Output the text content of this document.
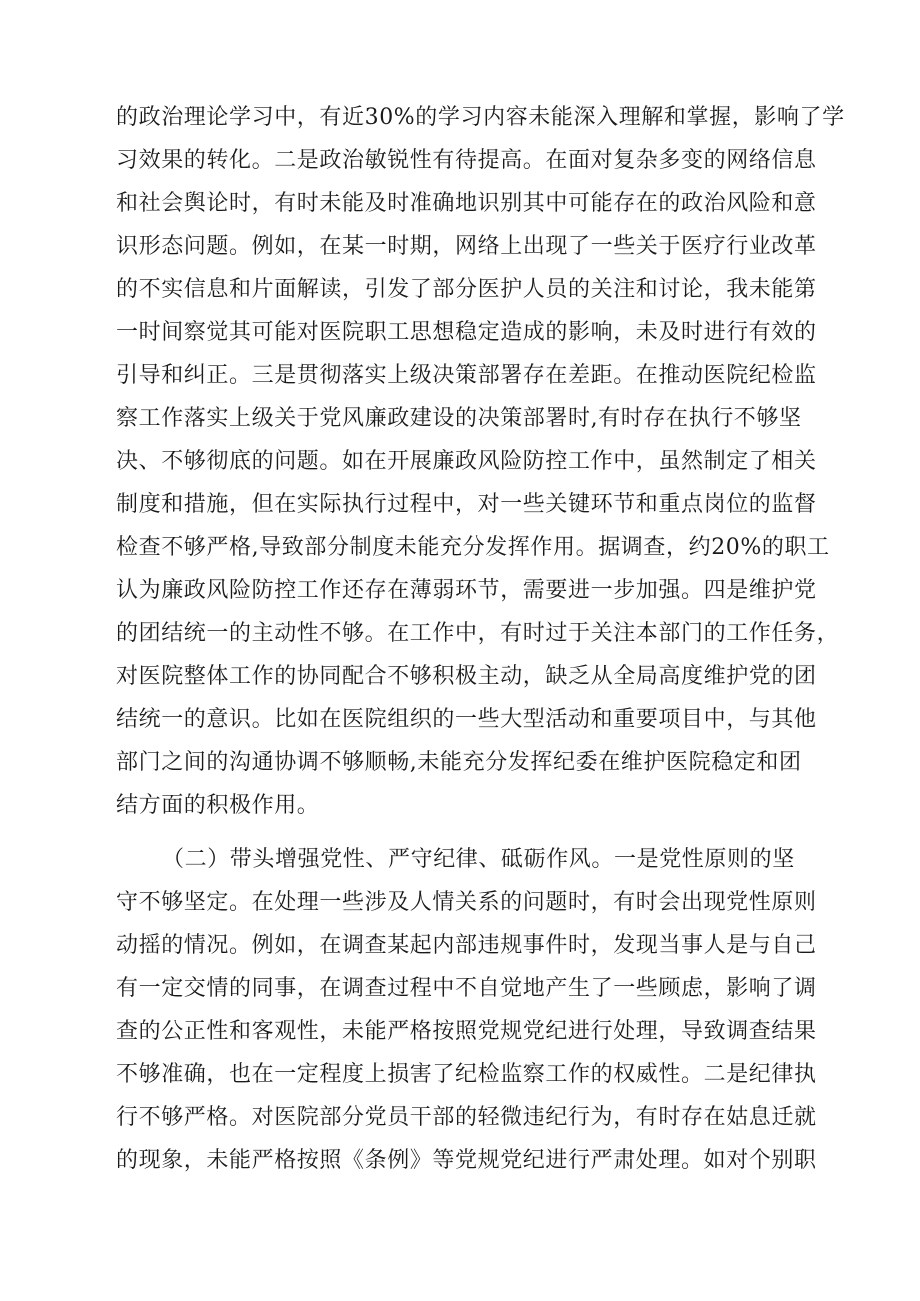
的政治理论学习中，有近30%的学习内容未能深入理解和掌握，影响了学
习效果的转化。二是政治敏锐性有待提高。在面对复杂多变的网络信息
和社会舆论时，有时未能及时准确地识别其中可能存在的政治风险和意
识形态问题。例如，在某一时期，网络上出现了一些关于医疗行业改革
的不实信息和片面解读，引发了部分医护人员的关注和讨论，我未能第
一时间察觉其可能对医院职工思想稳定造成的影响，未及时进行有效的
引导和纠正。三是贯彻落实上级决策部署存在差距。在推动医院纪检监
察工作落实上级关于党风廉政建设的决策部署时,有时存在执行不够坚
决、不够彻底的问题。如在开展廉政风险防控工作中，虽然制定了相关
制度和措施，但在实际执行过程中，对一些关键环节和重点岗位的监督
检查不够严格,导致部分制度未能充分发挥作用。据调查，约20%的职工
认为廉政风险防控工作还存在薄弱环节，需要进一步加强。四是维护党
的团结统一的主动性不够。在工作中，有时过于关注本部门的工作任务，
对医院整体工作的协同配合不够积极主动，缺乏从全局高度维护党的团
结统一的意识。比如在医院组织的一些大型活动和重要项目中，与其他
部门之间的沟通协调不够顺畅,未能充分发挥纪委在维护医院稳定和团
结方面的积极作用。
（二）带头增强党性、严守纪律、砥砺作风。一是党性原则的坚
守不够坚定。在处理一些涉及人情关系的问题时，有时会出现党性原则
动摇的情况。例如，在调查某起内部违规事件时，发现当事人是与自己
有一定交情的同事，在调查过程中不自觉地产生了一些顾虑，影响了调
查的公正性和客观性，未能严格按照党规党纪进行处理，导致调查结果
不够准确，也在一定程度上损害了纪检监察工作的权威性。二是纪律执
行不够严格。对医院部分党员干部的轻微违纪行为，有时存在姑息迁就
的现象，未能严格按照《条例》等党规党纪进行严肃处理。如对个别职
